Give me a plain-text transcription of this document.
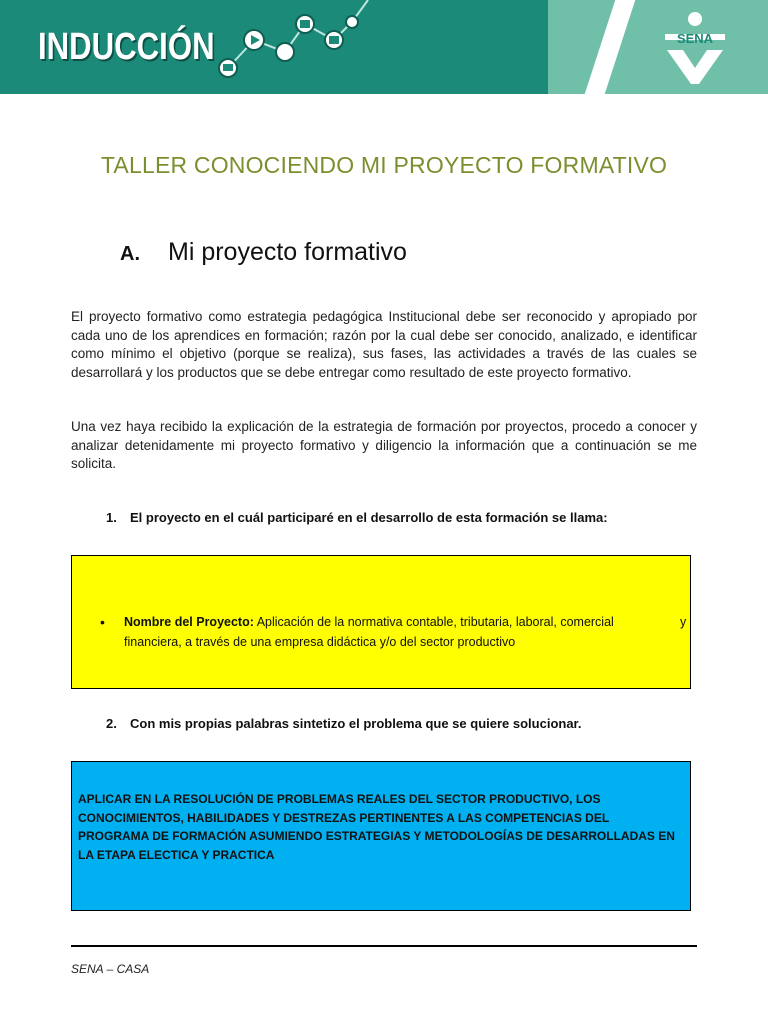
INDUCCIÓN	SENA
TALLER CONOCIENDO MI PROYECTO FORMATIVO
A. Mi proyecto formativo
El proyecto formativo como estrategia pedagógica Institucional debe ser reconocido y apropiado por cada uno de los aprendices en formación; razón por la cual debe ser conocido, analizado, e identificar como mínimo el objetivo (porque se realiza), sus fases, las actividades a través de las cuales se desarrollará y los productos que se debe entregar como resultado de este proyecto formativo.
Una vez haya recibido la explicación de la estrategia de formación por proyectos, procedo a conocer y analizar detenidamente mi proyecto formativo y diligencio la información que a continuación se me solicita.
1. El proyecto en el cuál participaré en el desarrollo de esta formación se llama:
• Nombre del Proyecto: Aplicación de la normativa contable, tributaria, laboral, comercial
financiera, a través de una empresa didáctica y/o del sector productivo
y
2. Con mis propias palabras sintetizo el problema que se quiere solucionar.
APLICAR EN LA RESOLUCIÓN DE PROBLEMAS REALES DEL SECTOR PRODUCTIVO, LOS CONOCIMIENTOS, HABILIDADES Y DESTREZAS PERTINENTES A LAS COMPETENCIAS DEL PROGRAMA DE FORMACIÓN ASUMIENDO ESTRATEGIAS Y METODOLOGÍAS DE DESARROLLADAS EN LA ETAPA ELECTICA Y PRACTICA
SENA – CASA
